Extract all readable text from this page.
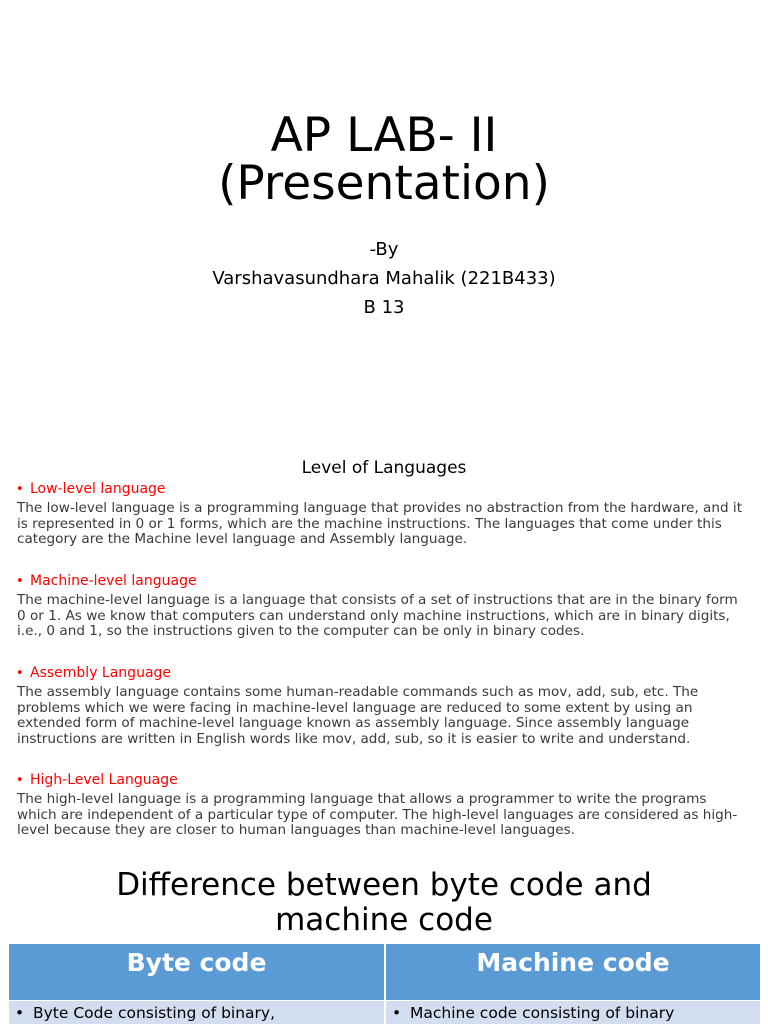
AP LAB- II
(Presentation)
-By
Varshavasundhara Mahalik (221B433)
B 13
Level of Languages
• Low-level language
The low-level language is a programming language that provides no abstraction from the hardware, and it is represented in 0 or 1 forms, which are the machine instructions. The languages that come under this category are the Machine level language and Assembly language.
• Machine-level language
The machine-level language is a language that consists of a set of instructions that are in the binary form 0 or 1. As we know that computers can understand only machine instructions, which are in binary digits, i.e., 0 and 1, so the instructions given to the computer can be only in binary codes.
• Assembly Language
The assembly language contains some human-readable commands such as mov, add, sub, etc. The problems which we were facing in machine-level language are reduced to some extent by using an extended form of machine-level language known as assembly language. Since assembly language instructions are written in English words like mov, add, sub, so it is easier to write and understand.
• High-Level Language
The high-level language is a programming language that allows a programmer to write the programs which are independent of a particular type of computer. The high-level languages are considered as high-level because they are closer to human languages than machine-level languages.
Difference between byte code and
machine code
Byte code	Machine code
• Byte Code consisting of binary,	• Machine code consisting of binary
